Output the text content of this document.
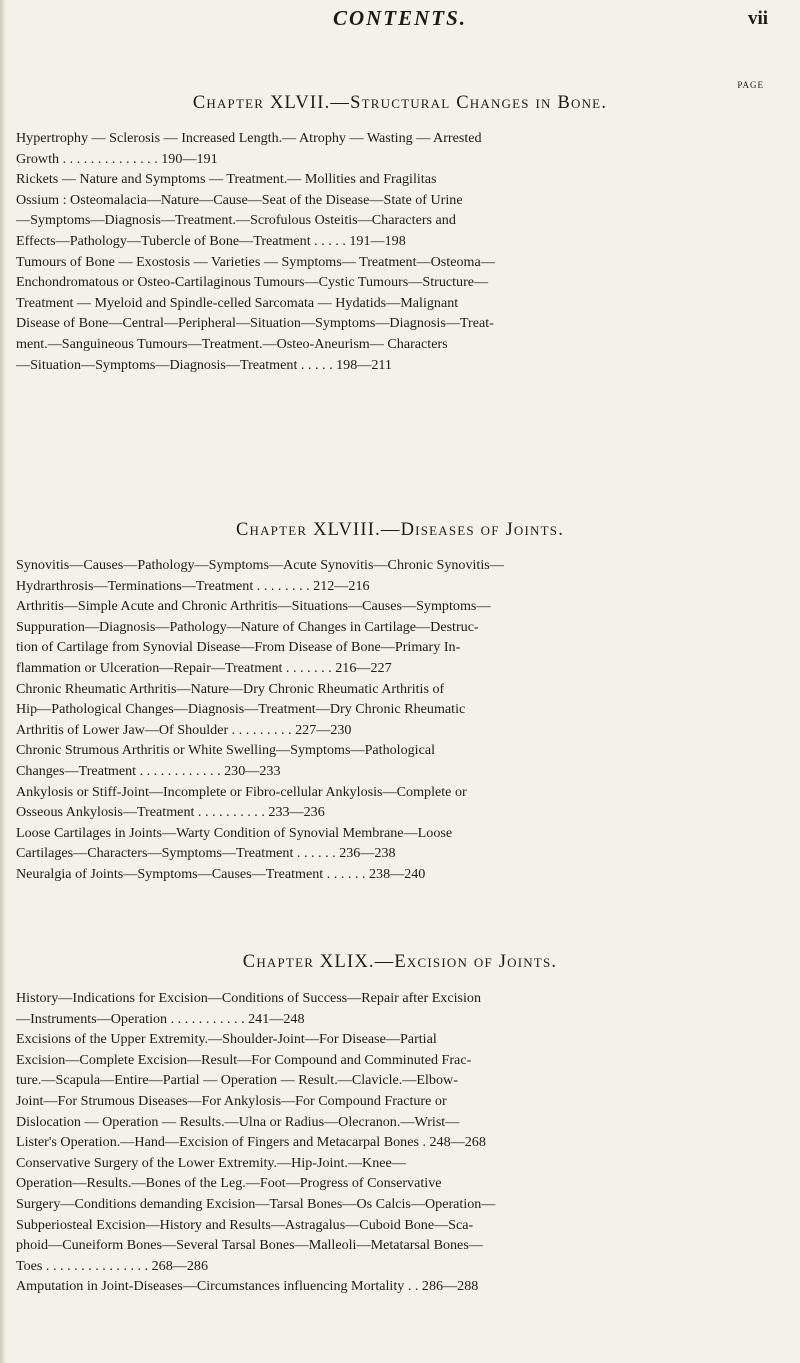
CONTENTS.	vii
PAGE
Chapter XLVII.—Structural Changes in Bone.
Hypertrophy — Sclerosis — Increased Length.— Atrophy — Wasting — Arrested
Growth . . . . . . . . . . . . . . 190—191
Rickets — Nature and Symptoms — Treatment.— Mollities and Fragilitas
Ossium : Osteomalacia—Nature—Cause—Seat of the Disease—State of Urine
—Symptoms—Diagnosis—Treatment.—Scrofulous Osteitis—Characters and
Effects—Pathology—Tubercle of Bone—Treatment . . . . . 191—198
Tumours of Bone — Exostosis — Varieties — Symptoms— Treatment—Osteoma—
Enchondromatous or Osteo-Cartilaginous Tumours—Cystic Tumours—Structure—
Treatment — Myeloid and Spindle-celled Sarcomata — Hydatids—Malignant
Disease of Bone—Central—Peripheral—Situation—Symptoms—Diagnosis—Treat-
ment.—Sanguineous Tumours—Treatment.—Osteo-Aneurism— Characters
—Situation—Symptoms—Diagnosis—Treatment . . . . . 198—211
Chapter XLVIII.—Diseases of Joints.
Synovitis—Causes—Pathology—Symptoms—Acute Synovitis—Chronic Synovitis—
Hydrarthrosis—Terminations—Treatment . . . . . . . . 212—216
Arthritis—Simple Acute and Chronic Arthritis—Situations—Causes—Symptoms—
Suppuration—Diagnosis—Pathology—Nature of Changes in Cartilage—Destruc-
tion of Cartilage from Synovial Disease—From Disease of Bone—Primary In-
flammation or Ulceration—Repair—Treatment . . . . . . . 216—227
Chronic Rheumatic Arthritis—Nature—Dry Chronic Rheumatic Arthritis of
Hip—Pathological Changes—Diagnosis—Treatment—Dry Chronic Rheumatic
Arthritis of Lower Jaw—Of Shoulder . . . . . . . . . 227—230
Chronic Strumous Arthritis or White Swelling—Symptoms—Pathological
Changes—Treatment . . . . . . . . . . . . 230—233
Ankylosis or Stiff-Joint—Incomplete or Fibro-cellular Ankylosis—Complete or
Osseous Ankylosis—Treatment . . . . . . . . . . 233—236
Loose Cartilages in Joints—Warty Condition of Synovial Membrane—Loose
Cartilages—Characters—Symptoms—Treatment . . . . . . 236—238
Neuralgia of Joints—Symptoms—Causes—Treatment . . . . . . 238—240
Chapter XLIX.—Excision of Joints.
History—Indications for Excision—Conditions of Success—Repair after Excision
—Instruments—Operation . . . . . . . . . . . 241—248
Excisions of the Upper Extremity.—Shoulder-Joint—For Disease—Partial
Excision—Complete Excision—Result—For Compound and Comminuted Frac-
ture.—Scapula—Entire—Partial — Operation — Result.—Clavicle.—Elbow-
Joint—For Strumous Diseases—For Ankylosis—For Compound Fracture or
Dislocation — Operation — Results.—Ulna or Radius—Olecranon.—Wrist—
Lister's Operation.—Hand—Excision of Fingers and Metacarpal Bones . 248—268
Conservative Surgery of the Lower Extremity.—Hip-Joint.—Knee—
Operation—Results.—Bones of the Leg.—Foot—Progress of Conservative
Surgery—Conditions demanding Excision—Tarsal Bones—Os Calcis—Operation—
Subperiosteal Excision—History and Results—Astragalus—Cuboid Bone—Sca-
phoid—Cuneiform Bones—Several Tarsal Bones—Malleoli—Metatarsal Bones—
Toes . . . . . . . . . . . . . . . 268—286
Amputation in Joint-Diseases—Circumstances influencing Mortality . . 286—288
